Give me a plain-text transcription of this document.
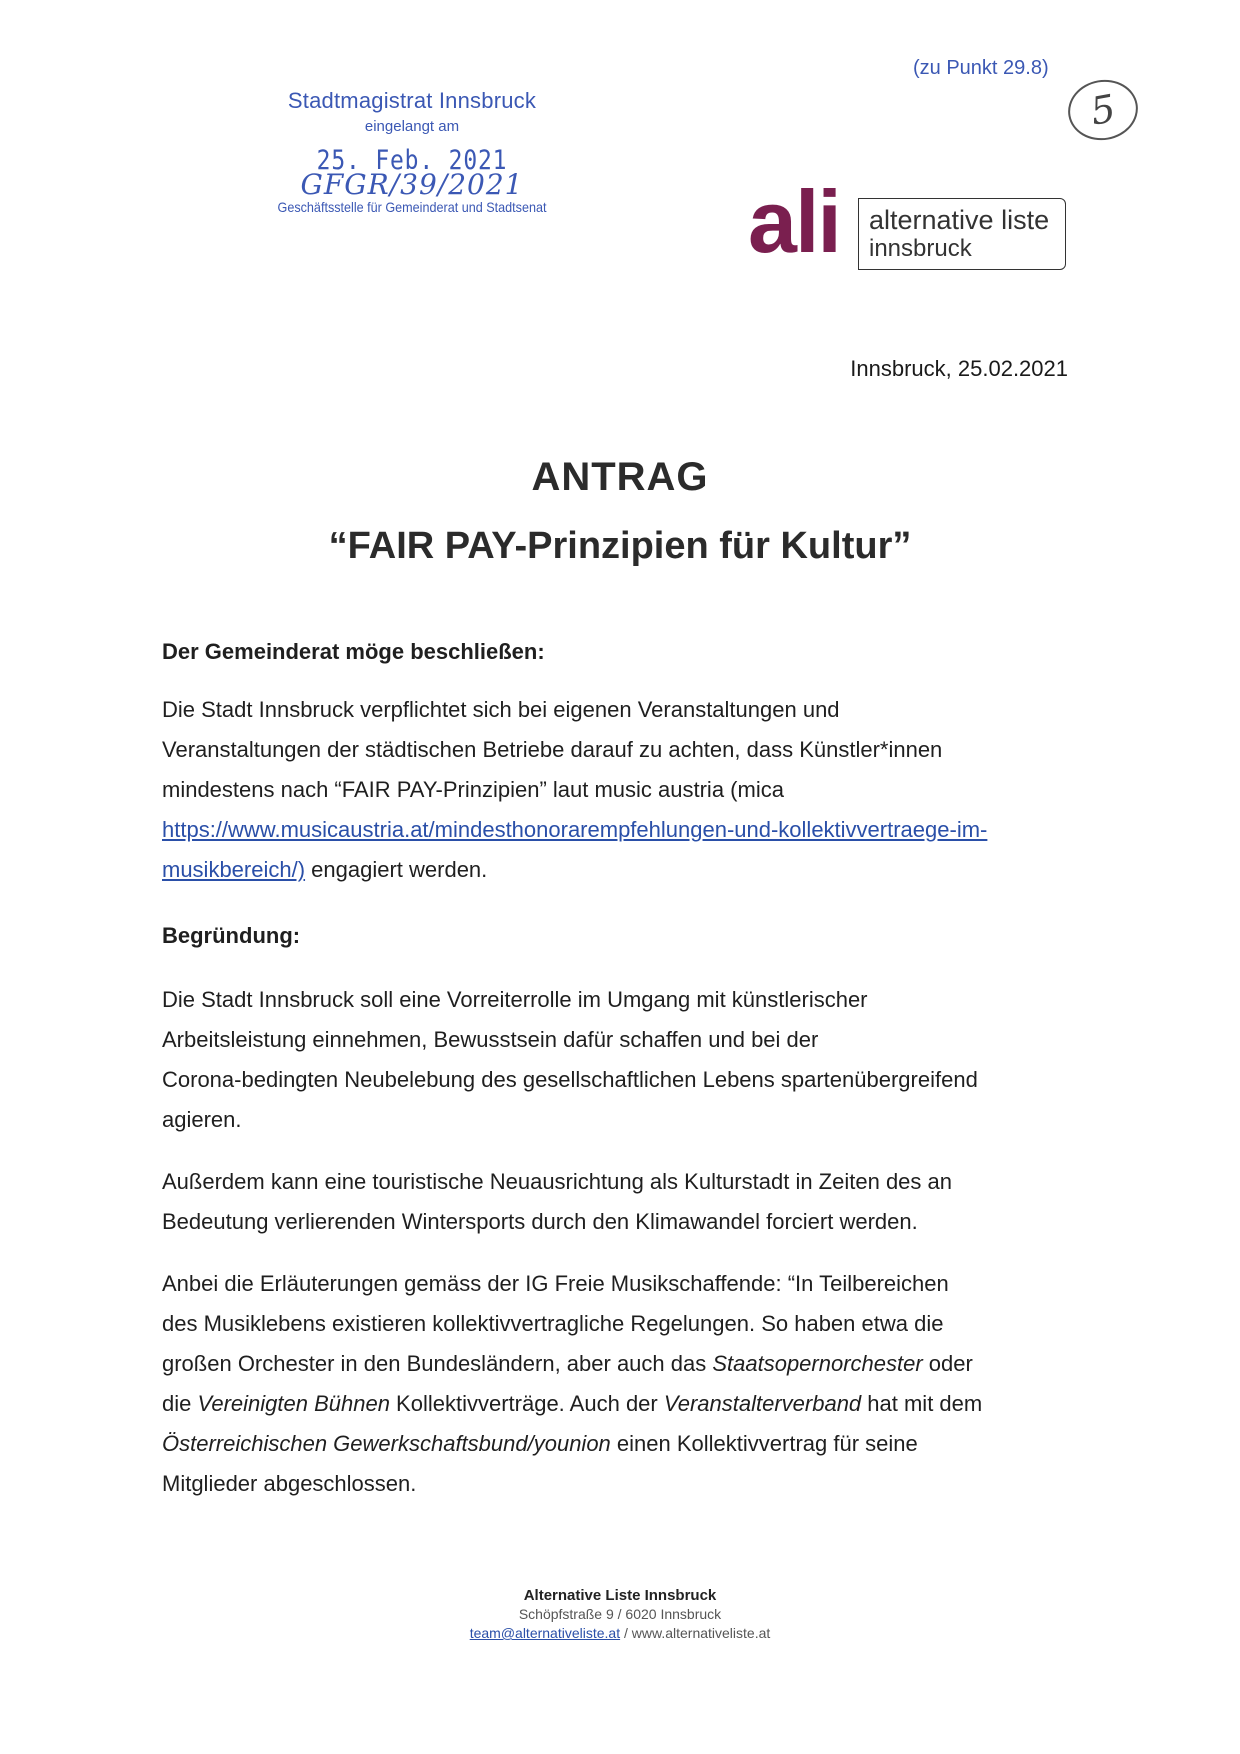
Stadtmagistrat Innsbruck
eingelangt am
25. Feb. 2021
GFGR/39/2021
Geschäftsstelle für Gemeinderat und Stadtsenat
(zu Punkt 29.8)
5
ali alternative liste
innsbruck
Innsbruck, 25.02.2021
ANTRAG
“FAIR PAY-Prinzipien für Kultur”

Der Gemeinderat möge beschließen:

Die Stadt Innsbruck verpflichtet sich bei eigenen Veranstaltungen und

Veranstaltungen der städtischen Betriebe darauf zu achten, dass Künstler*innen

mindestens nach “FAIR PAY-Prinzipien” laut music austria (mica

https://www.musicaustria.at/mindesthonorarempfehlungen-und-kollektivvertraege-im-

musikbereich/) engagiert werden.

Begründung:

Die Stadt Innsbruck soll eine Vorreiterrolle im Umgang mit künstlerischer

Arbeitsleistung einnehmen, Bewusstsein dafür schaffen und bei der

Corona-bedingten Neubelebung des gesellschaftlichen Lebens spartenübergreifend

agieren.

Außerdem kann eine touristische Neuausrichtung als Kulturstadt in Zeiten des an

Bedeutung verlierenden Wintersports durch den Klimawandel forciert werden.

Anbei die Erläuterungen gemäss der IG Freie Musikschaffende: “In Teilbereichen

des Musiklebens existieren kollektivvertragliche Regelungen. So haben etwa die

großen Orchester in den Bundesländern, aber auch das Staatsopernorchester oder

die Vereinigten Bühnen Kollektivverträge. Auch der Veranstalterverband hat mit dem

Österreichischen Gewerkschaftsbund/younion einen Kollektivvertrag für seine

Mitglieder abgeschlossen.

Alternative Liste Innsbruck
Schöpfstraße 9 / 6020 Innsbruck
team@alternativeliste.at / www.alternativeliste.at
